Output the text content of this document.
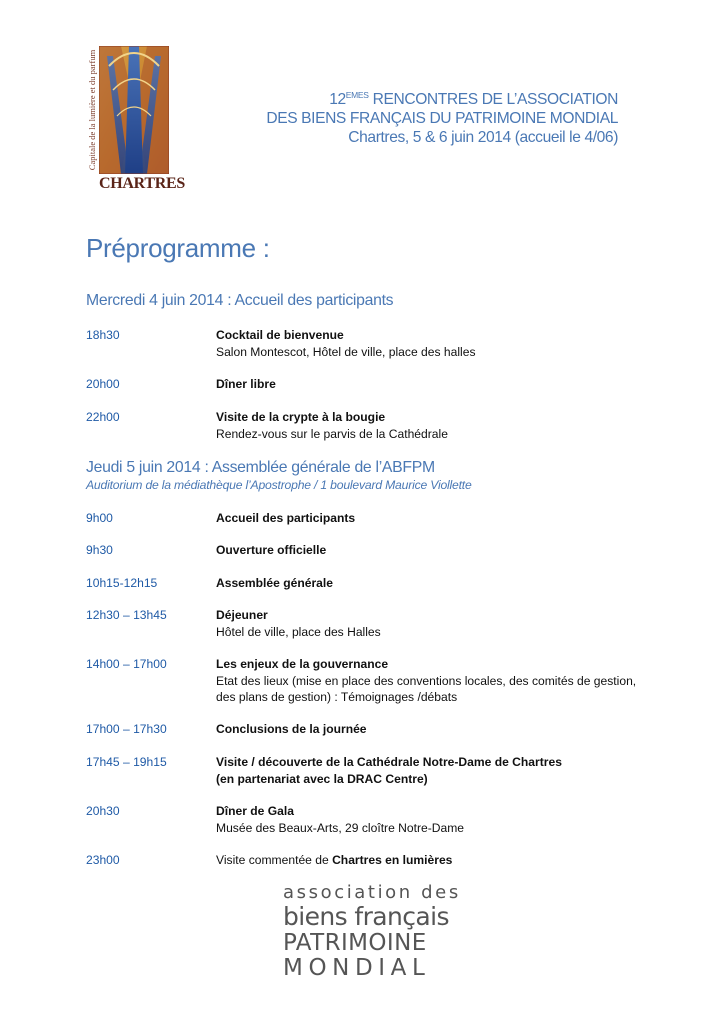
Capitale de la lumière et du parfum
CHARTRES
12EMES RENCONTRES DE L’ASSOCIATION
DES BIENS FRANÇAIS DU PATRIMOINE MONDIAL
Chartres, 5 & 6 juin 2014 (accueil le 4/06)
Préprogramme :
Mercredi 4 juin 2014 : Accueil des participants
18h30	Cocktail de bienvenue
Salon Montescot, Hôtel de ville, place des halles
20h00	Dîner libre
22h00	Visite de la crypte à la bougie
Rendez-vous sur le parvis de la Cathédrale
Jeudi 5 juin 2014 : Assemblée générale de l’ABFPM
Auditorium de la médiathèque l’Apostrophe / 1 boulevard Maurice Viollette
9h00	Accueil des participants
9h30	Ouverture officielle
10h15-12h15	Assemblée générale
12h30 – 13h45	Déjeuner
Hôtel de ville, place des Halles
14h00 – 17h00	Les enjeux de la gouvernance
Etat des lieux (mise en place des conventions locales, des comités de gestion, des plans de gestion) : Témoignages /débats
17h00 – 17h30	Conclusions de la journée
17h45 – 19h15	Visite / découverte de la Cathédrale Notre-Dame de Chartres
(en partenariat avec la DRAC Centre)
20h30	Dîner de Gala
Musée des Beaux-Arts, 29 cloître Notre-Dame
23h00	Visite commentée de Chartres en lumières
association des
biens français
PATRIMOINE
MONDIAL
